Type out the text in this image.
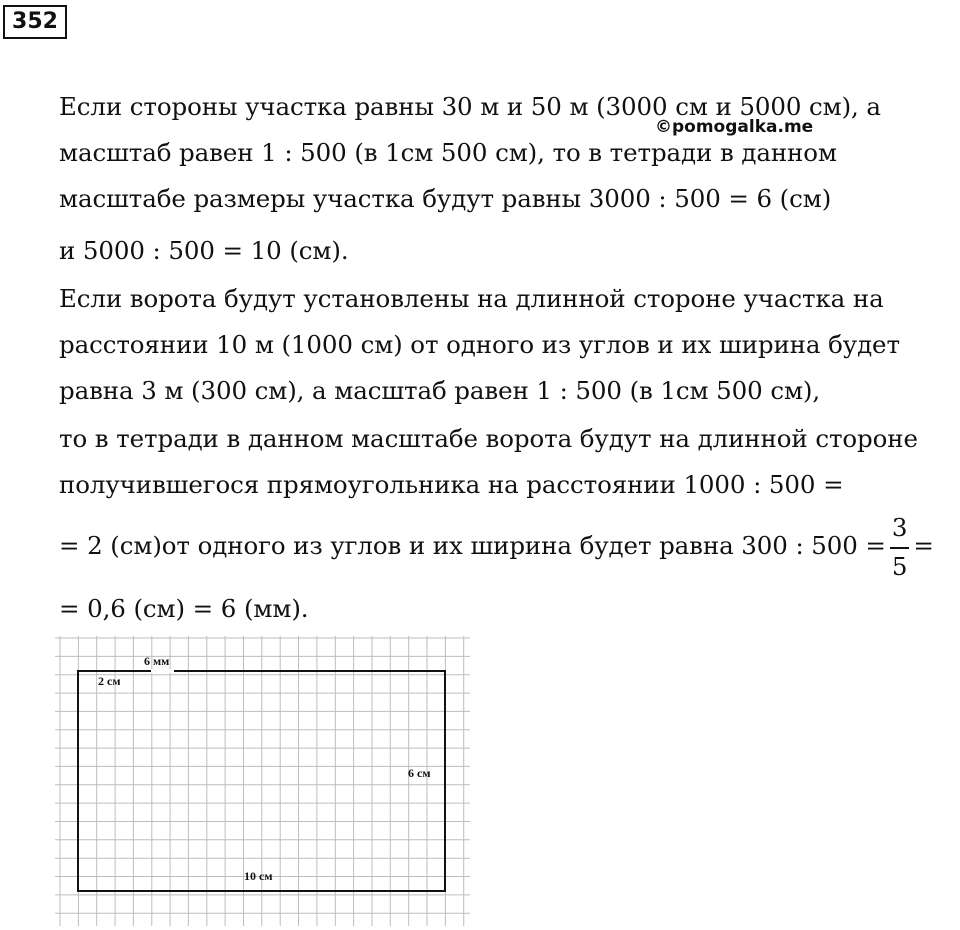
352
Если стороны участка равны 30 м и 50 м (3000 см и 5000 см), а
©pomogalka.me
масштаб равен 1 : 500 (в 1см 500 см), то в тетради в данном
масштабе размеры участка будут равны 3000 : 500 = 6 (см)
и 5000 : 500 = 10 (см).
Если ворота будут установлены на длинной стороне участка на
расстоянии 10 м (1000 см) от одного из углов и их ширина будет
равна 3 м (300 см), а масштаб равен 1 : 500 (в 1см 500 см),
то в тетради в данном масштабе ворота будут на длинной стороне
получившегося прямоугольника на расстоянии 1000 : 500 =
= 2 (см)от одного из углов и их ширина будет равна 300 : $500 = \frac{3}{5}$ =
= 0,6 (см) = 6 (мм).
6 мм
2 см
6 см
10 см
